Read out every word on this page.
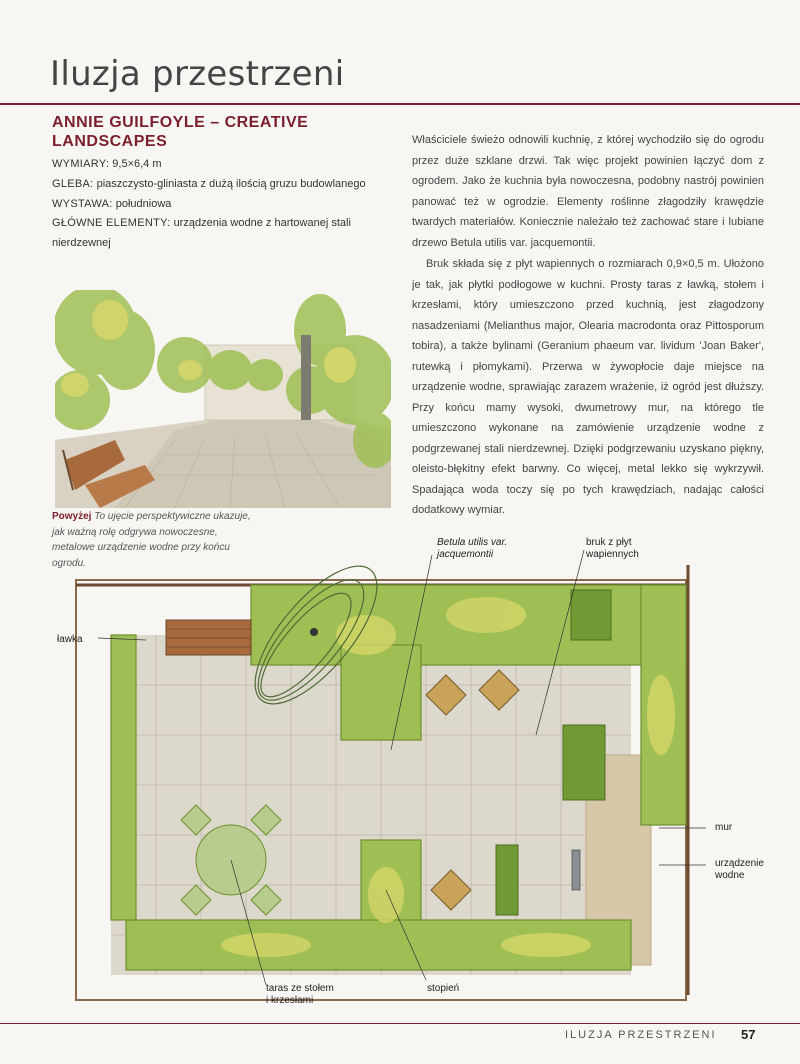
Iluzja przestrzeni
ANNIE GUILFOYLE – CREATIVE LANDSCAPES
WYMIARY: 9,5×6,4 m
GLEBA: piaszczysto-gliniasta z dużą ilością gruzu budowlanego
WYSTAWA: południowa
GŁÓWNE ELEMENTY: urządzenia wodne z hartowanej stali nierdzewnej

Właściciele świeżo odnowili kuchnię, z której wychodziło się do ogrodu przez duże szklane drzwi. Tak więc projekt powinien łączyć dom z ogrodem. Jako że kuchnia była nowoczesna, podobny nastrój powinien panować też w ogrodzie. Elementy roślinne złagodziły krawędzie twardych materiałów. Koniecznie należało też zachować stare i lubiane drzewo Betula utilis var. jacquemontii.

Bruk składa się z płyt wapiennych o rozmiarach 0,9×0,5 m. Ułożono je tak, jak płytki podłogowe w kuchni. Prosty taras z ławką, stołem i krzesłami, który umieszczono przed kuchnią, jest złagodzony nasadzeniami (Melianthus major, Olearia macrodonta oraz Pittosporum tobira), a także bylinami (Geranium phaeum var. lividum 'Joan Baker', rutewką i płomykami). Przerwa w żywopłocie daje miejsce na urządzenie wodne, sprawiając zarazem wrażenie, iż ogród jest dłuższy. Przy końcu mamy wysoki, dwumetrowy mur, na którego tle umieszczono wykonane na zamówienie urządzenie wodne z podgrzewanej stali nierdzewnej. Dzięki podgrzewaniu uzyskano piękny, oleisto-błękitny efekt barwny. Co więcej, metal lekko się wykrzywił. Spadająca woda toczy się po tych krawędziach, nadając całości dodatkowy wymiar.

Powyżej To ujęcie perspektywiczne ukazuje, jak ważną rolę odgrywa nowoczesne, metalowe urządzenie wodne przy końcu ogrodu.
ławka
Betula utilis var.
jacquemontii
bruk z płyt
wapiennych
mur
urządzenie
wodne
taras ze stołem
i krzesłami
stopień
ILUZJA PRZESTRZENI 57
